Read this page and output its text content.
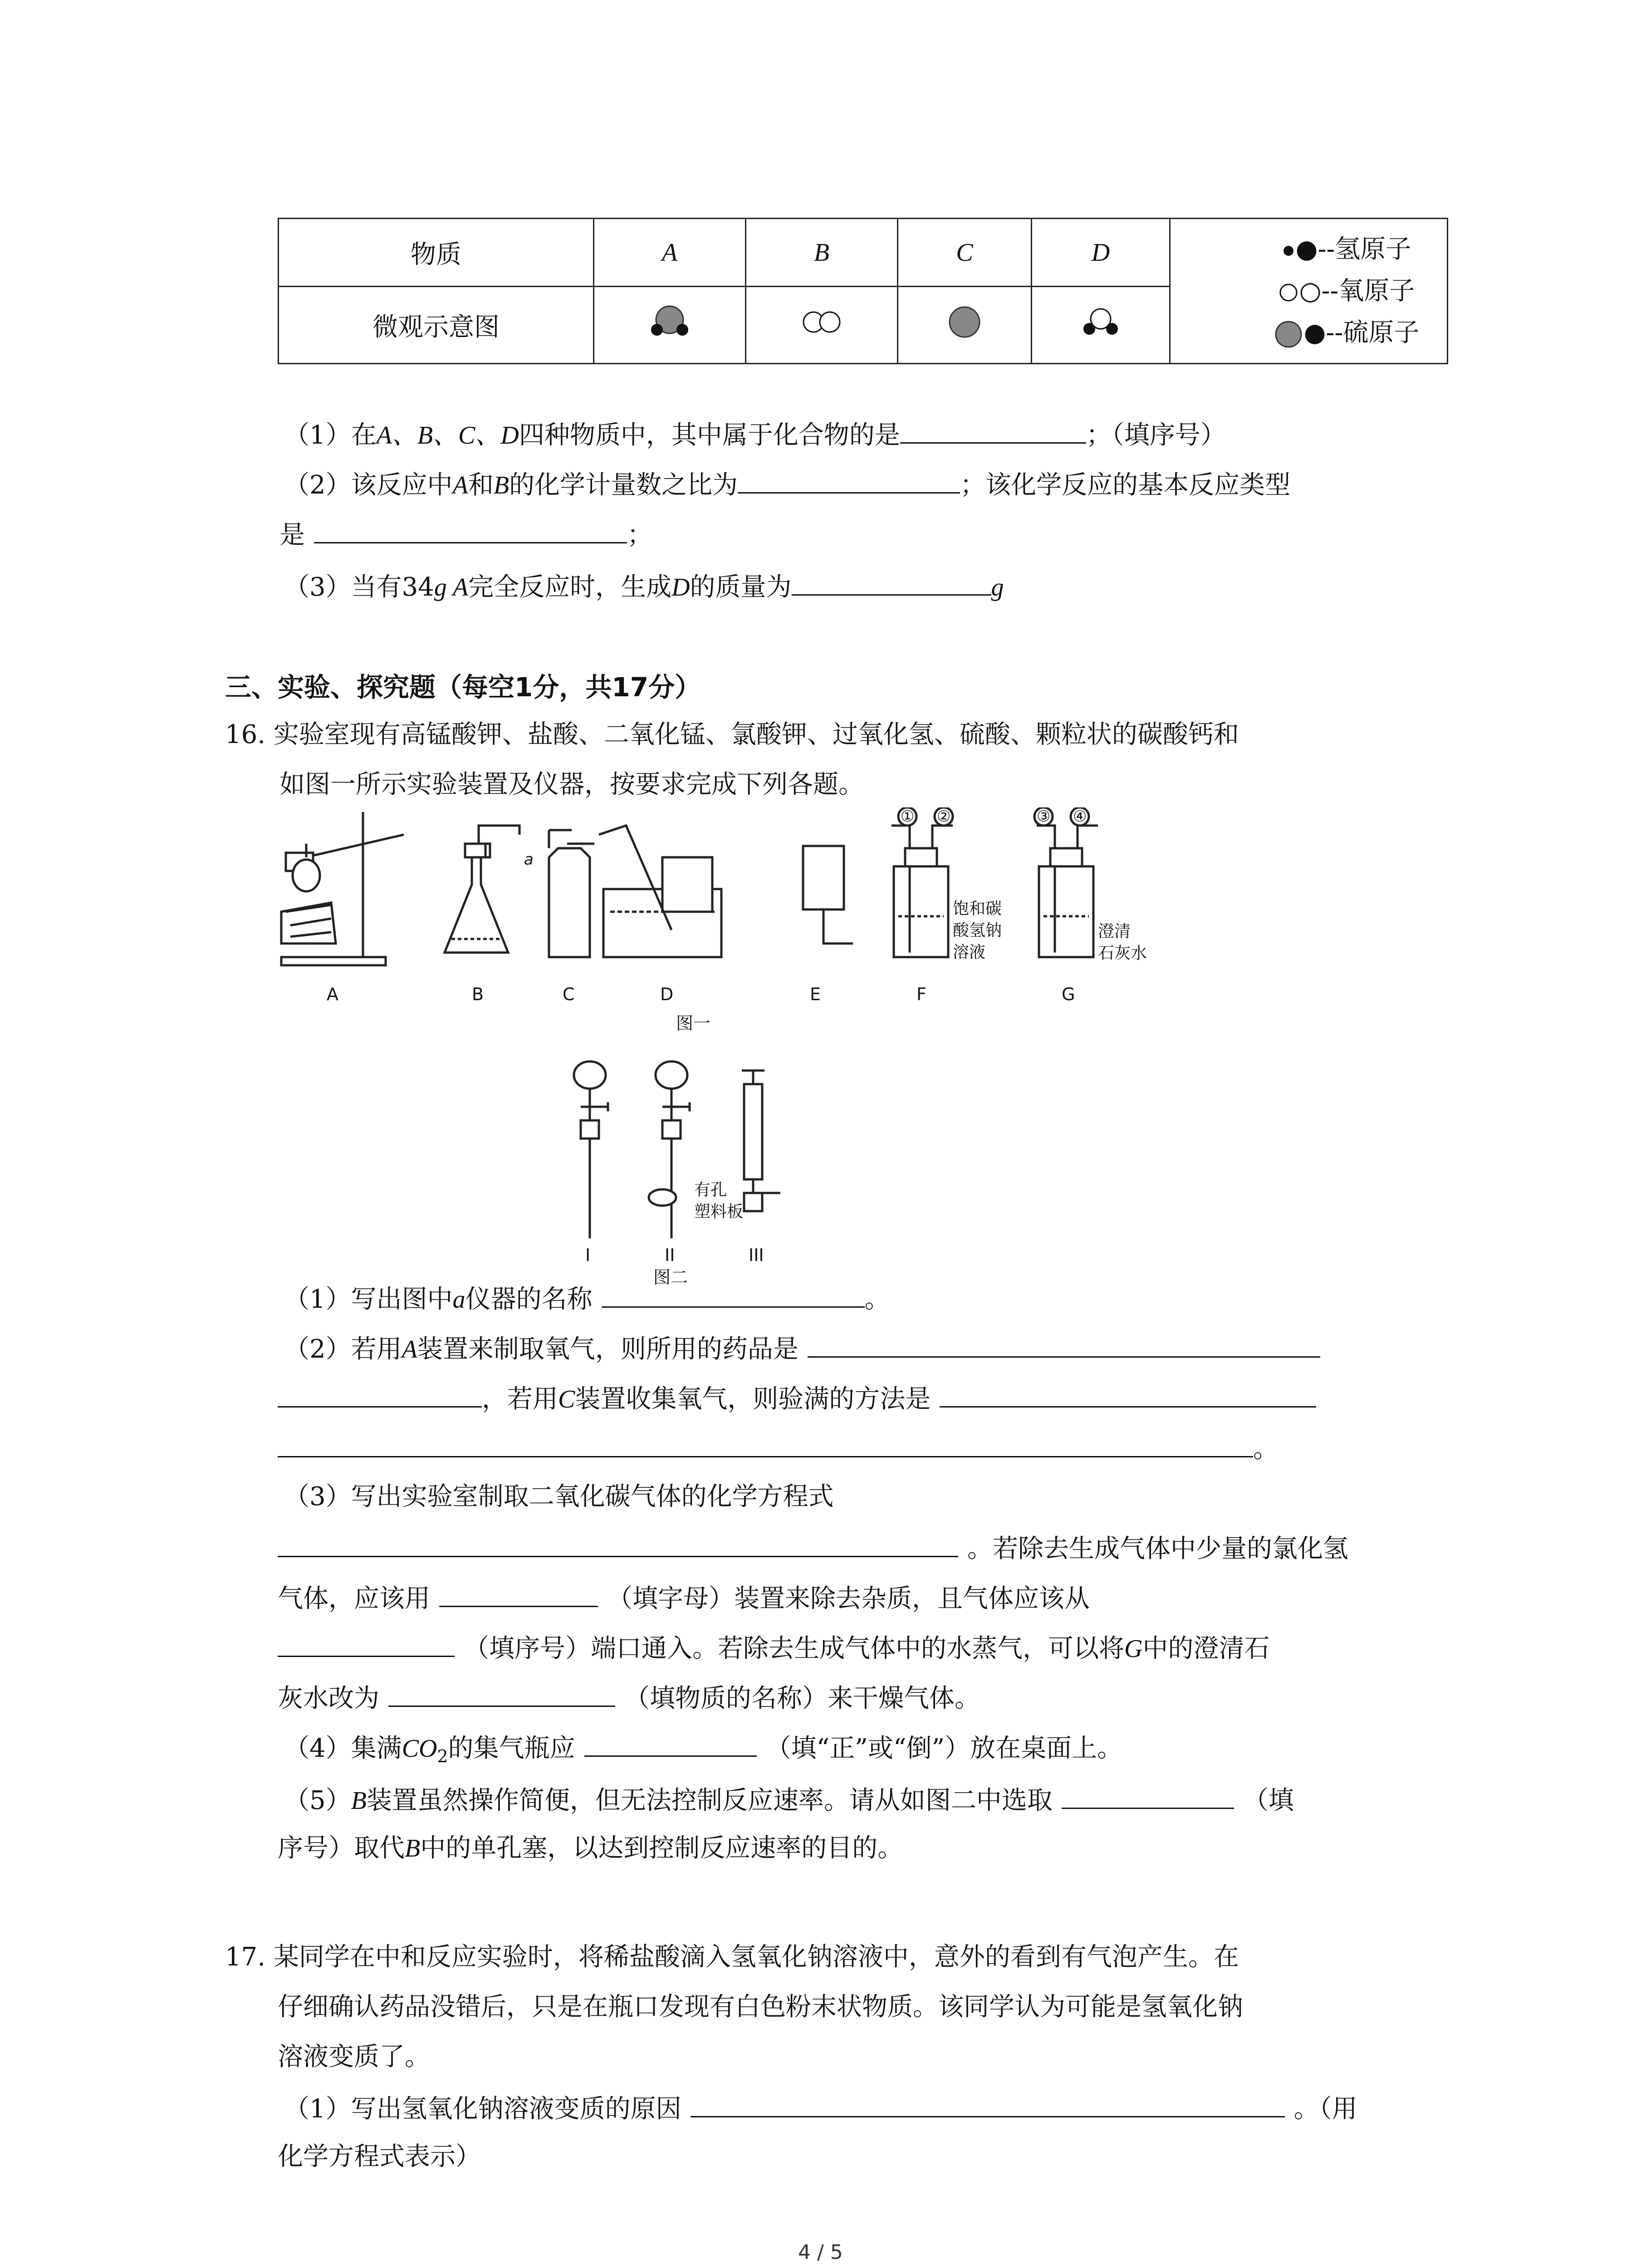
物质	A	B	C	D	●--氢原子
○--氧原子
●--硫原子

微观示意图				
（1）在A、B、C、D四种物质中，其中属于化合物的是	；（填序号）
（2）该反应中A和B的化学计量数之比为	；该化学反应的基本反应类型
是	；
（3）当有34g A完全反应时，生成D的质量为	g
三、实验、探究题（每空1分，共17分）
16. 实验室现有高锰酸钾、盐酸、二氧化锰、氯酸钾、过氧化氢、硫酸、颗粒状的碳酸钙和
如图一所示实验装置及仪器，按要求完成下列各题。
A	B	C	D	E	F	G
图一
a
① ②	③ ④
饱和碳
酸氢钠
溶液
澄清
石灰水
I	II	III
图二
有孔
塑料板
（1）写出图中a仪器的名称	。
（2）若用A装置来制取氧气，则所用的药品是
，若用C装置收集氧气，则验满的方法是
。
（3）写出实验室制取二氧化碳气体的化学方程式
。若除去生成气体中少量的氯化氢
气体，应该用	（填字母）装置来除去杂质，且气体应该从
（填序号）端口通入。若除去生成气体中的水蒸气，可以将G中的澄清石
灰水改为	（填物质的名称）来干燥气体。
（4）集满$CO_2$的集气瓶应	（填“正”或“倒”）放在桌面上。
（5）B装置虽然操作简便，但无法控制反应速率。请从如图二中选取	（填
序号）取代B中的单孔塞，以达到控制反应速率的目的。
17. 某同学在中和反应实验时，将稀盐酸滴入氢氧化钠溶液中，意外的看到有气泡产生。在
仔细确认药品没错后，只是在瓶口发现有白色粉末状物质。该同学认为可能是氢氧化钠
溶液变质了。
（1）写出氢氧化钠溶液变质的原因	。（用
化学方程式表示）
4 / 5
